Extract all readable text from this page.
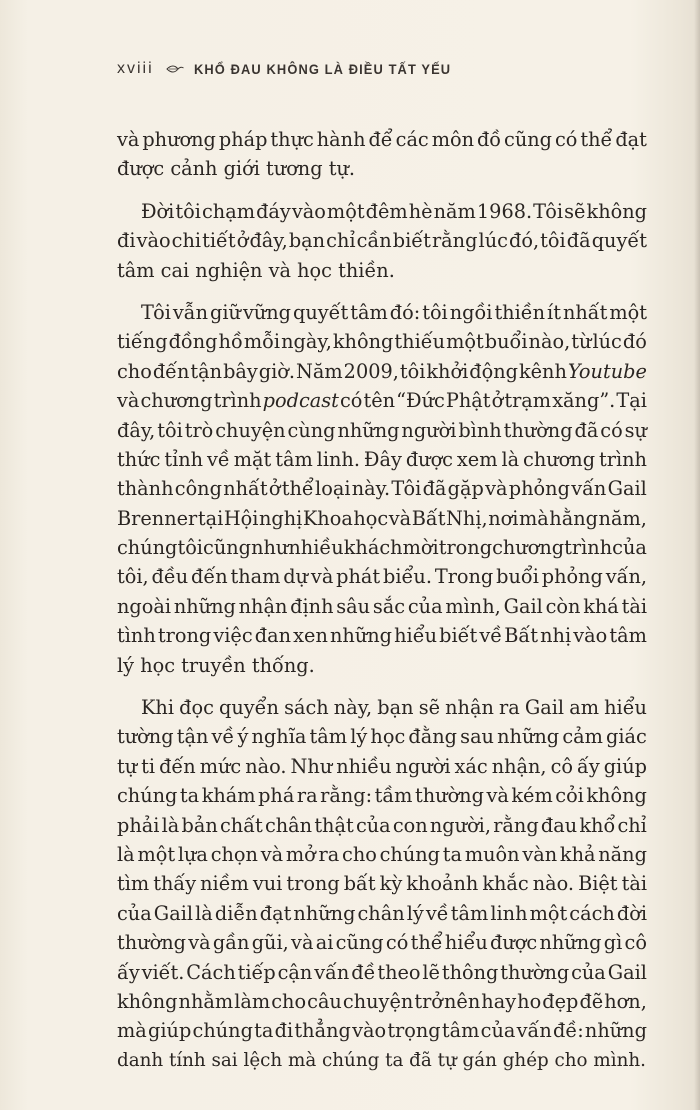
xviii	KHỔ ĐAU KHÔNG LÀ ĐIỀU TẤT YẾU
và phương pháp thực hành để các môn đồ cũng có thể đạt
được
cảnh
giới
tương
tự.
Đời tôi chạm đáy vào một đêm hè năm 1968. Tôi sẽ không
đi vào chi tiết ở đây, bạn chỉ cần biết rằng lúc đó, tôi đã quyết
tâm
cai
nghiện
và
học
thiền.
Tôi vẫn giữ vững quyết tâm đó: tôi ngồi thiền ít nhất một
tiếng đồng hồ mỗi ngày, không thiếu một buổi nào, từ lúc đó
cho đến tận bây giờ. Năm 2009, tôi khởi động kênh Youtube
và chương trình podcast có tên “Đức Phật ở trạm xăng”. Tại
đây, tôi trò chuyện cùng những người bình thường đã có sự
thức tỉnh về mặt tâm linh. Đây được xem là chương trình
thành công nhất ở thể loại này. Tôi đã gặp và phỏng vấn Gail
Brenner tại Hội nghị Khoa học và Bất Nhị, nơi mà hằng năm,
chúng tôi cũng như nhiều khách mời trong chương trình của
tôi, đều đến tham dự và phát biểu. Trong buổi phỏng vấn,
ngoài những nhận định sâu sắc của mình, Gail còn khá tài
tình trong việc đan xen những hiểu biết về Bất nhị vào tâm
lý
học
truyền
thống.
Khi đọc quyển sách này, bạn sẽ nhận ra Gail am hiểu
tường tận về ý nghĩa tâm lý học đằng sau những cảm giác
tự ti đến mức nào. Như nhiều người xác nhận, cô ấy giúp
chúng ta khám phá ra rằng: tầm thường và kém cỏi không
phải là bản chất chân thật của con người, rằng đau khổ chỉ
là một lựa chọn và mở ra cho chúng ta muôn vàn khả năng
tìm thấy niềm vui trong bất kỳ khoảnh khắc nào. Biệt tài
của Gail là diễn đạt những chân lý về tâm linh một cách đời
thường và gần gũi, và ai cũng có thể hiểu được những gì cô
ấy viết. Cách tiếp cận vấn đề theo lẽ thông thường của Gail
không nhằm làm cho câu chuyện trở nên hay ho đẹp đẽ hơn,
mà giúp chúng ta đi thẳng vào trọng tâm của vấn đề: những
danh
tính
sai
lệch
mà
chúng
ta
đã
tự
gán
ghép
cho
mình.
